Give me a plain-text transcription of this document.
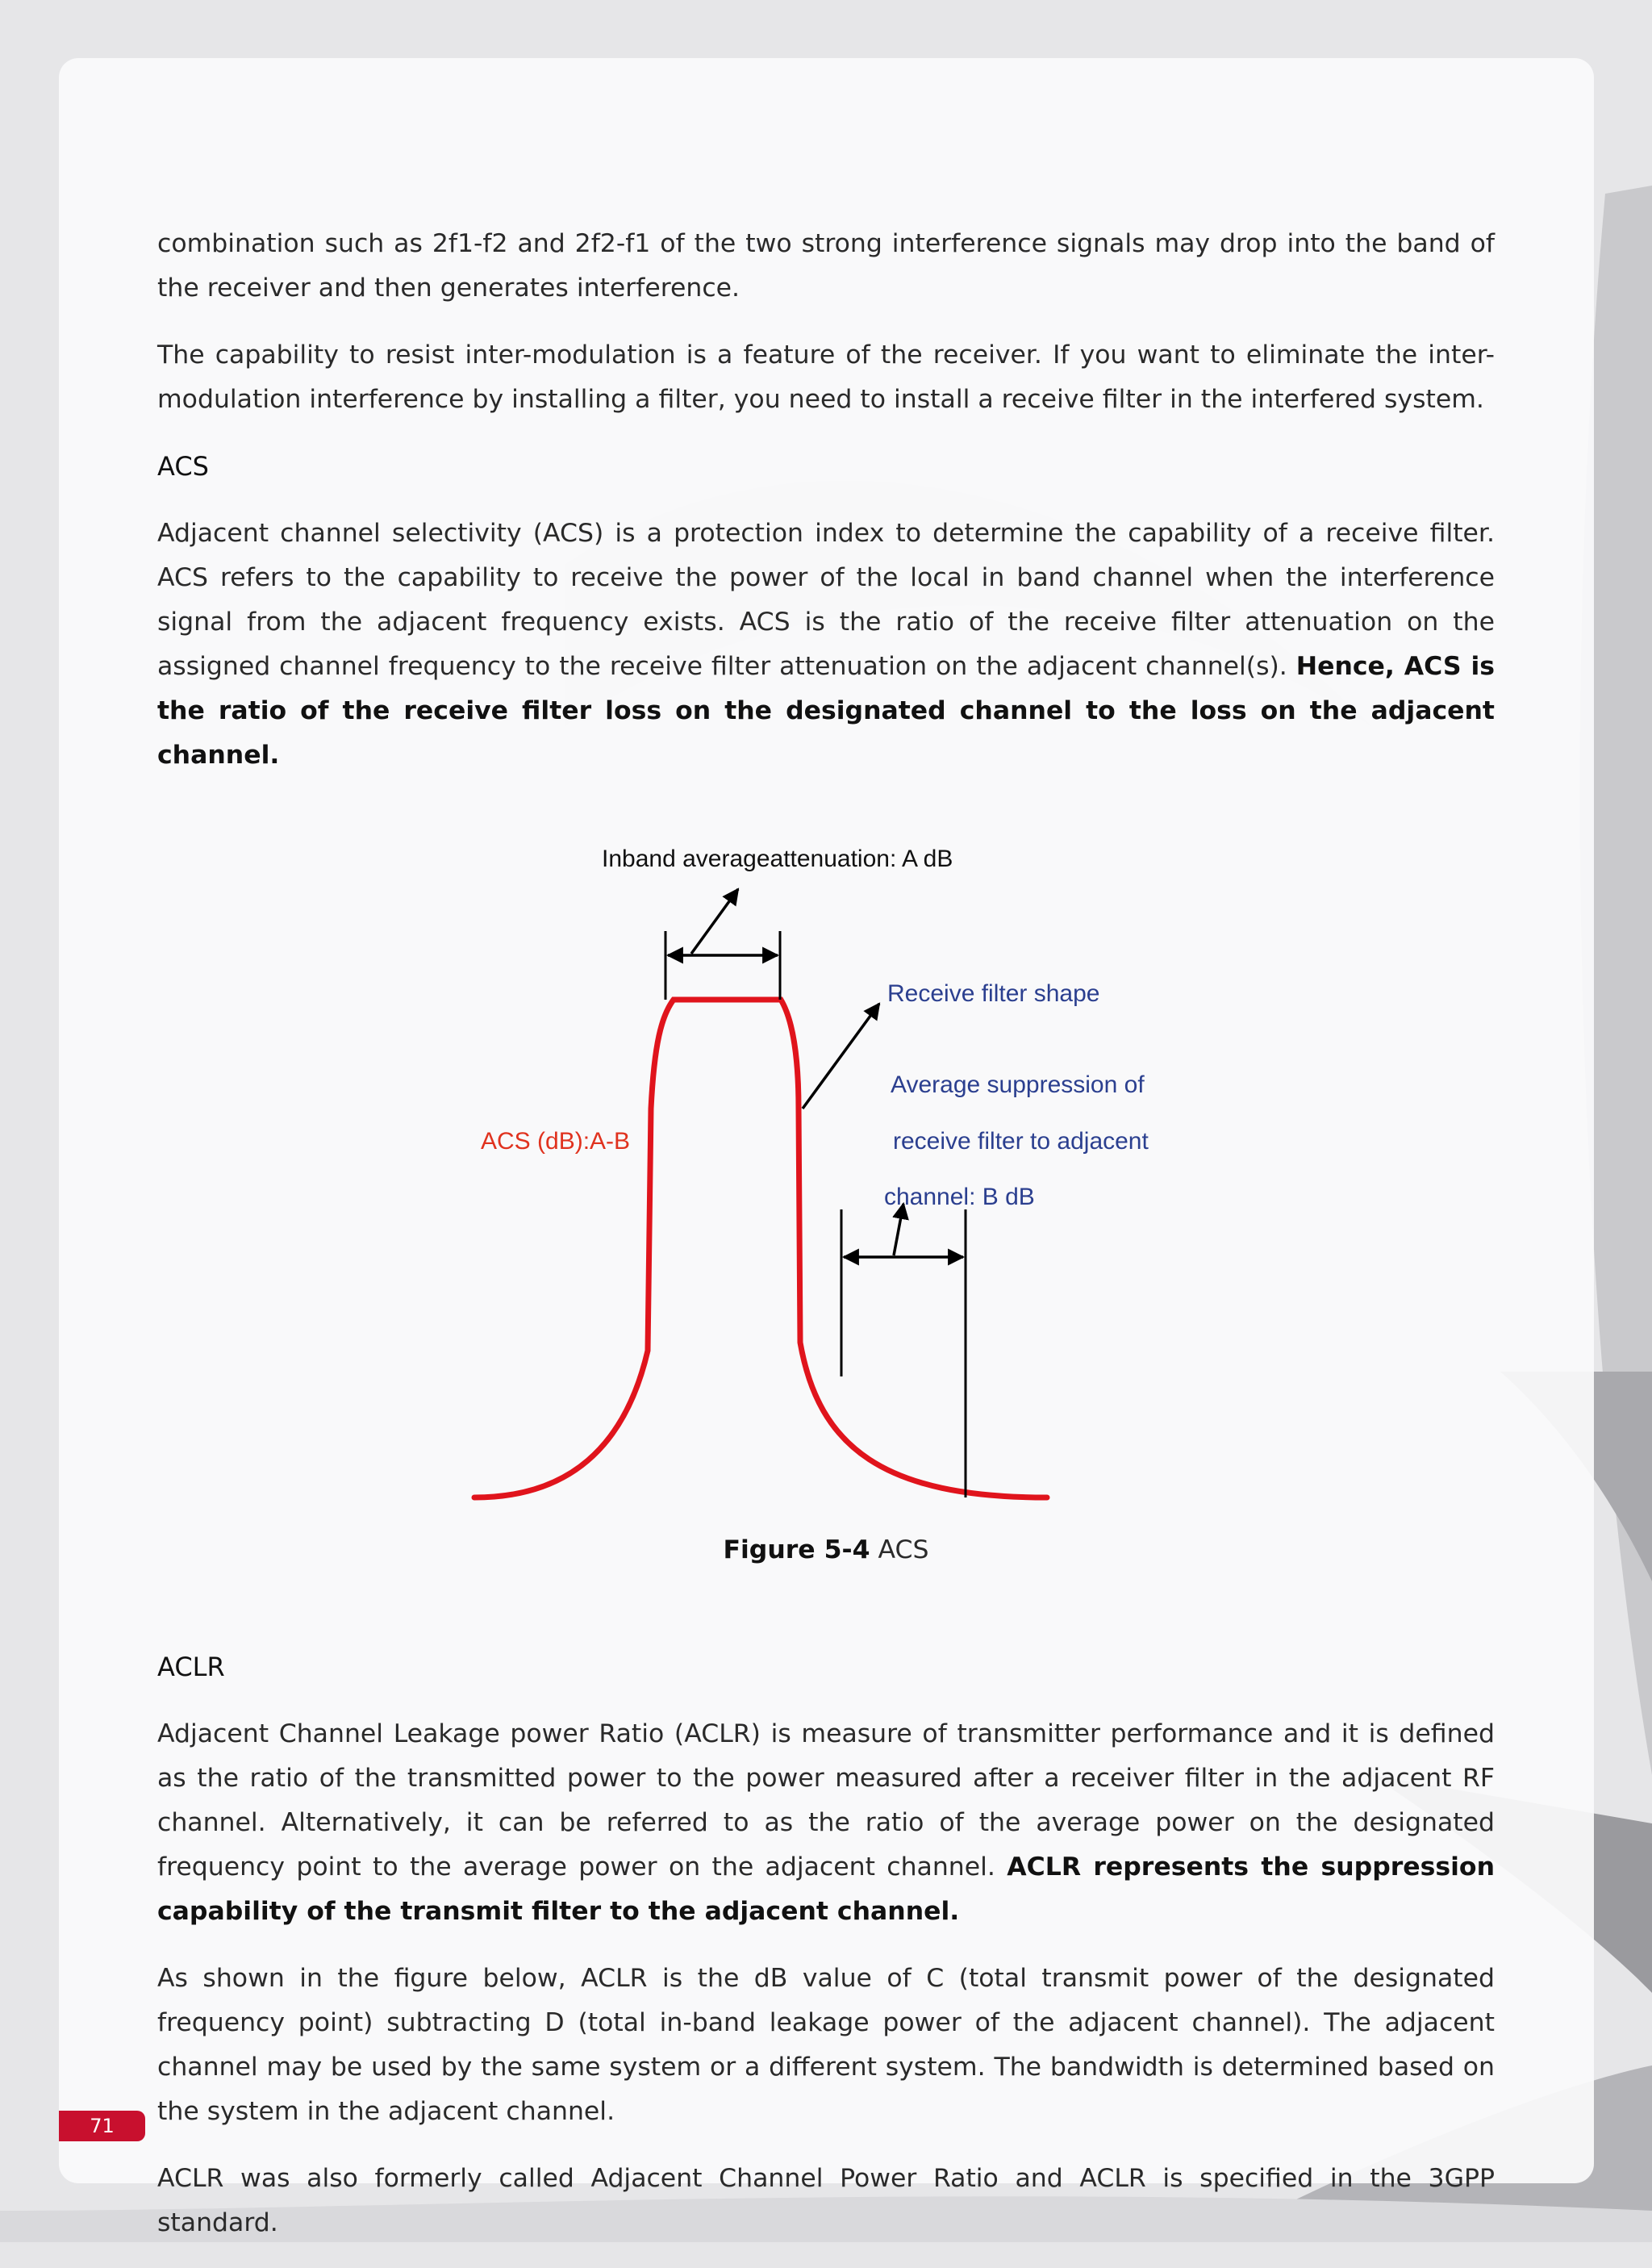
combination such as 2f1-f2 and 2f2-f1 of the two strong interference signals may drop into the band of the receiver and then generates interference.

The capability to resist inter-modulation is a feature of the receiver. If you want to eliminate the inter-modulation interference by installing a filter, you need to install a receive filter in the interfered system.

ACS

Adjacent channel selectivity (ACS) is a protection index to determine the capability of a receive filter. ACS refers to the capability to receive the power of the local in band channel when the interference signal from the adjacent frequency exists. ACS is the ratio of the receive filter attenuation on the assigned channel frequency to the receive filter attenuation on the adjacent channel(s). Hence, ACS is the ratio of the receive filter loss on the designated channel to the loss on the adjacent channel.

Inband averageattenuation: A dB
Receive filter shape
Average suppression of
receive filter to adjacent
channel: B dB
ACS (dB):A-B
Figure 5-4 ACS
ACLR

Adjacent Channel Leakage power Ratio (ACLR) is measure of transmitter performance and it is defined as the ratio of the transmitted power to the power measured after a receiver filter in the adjacent RF channel. Alternatively, it can be referred to as the ratio of the average power on the designated frequency point to the average power on the adjacent channel. ACLR represents the suppression capability of the transmit filter to the adjacent channel.

As shown in the figure below, ACLR is the dB value of C (total transmit power of the designated frequency point) subtracting D (total in-band leakage power of the adjacent channel). The adjacent channel may be used by the same system or a different system. The bandwidth is determined based on the system in the adjacent channel.

ACLR was also formerly called Adjacent Channel Power Ratio and ACLR is specified in the 3GPP standard.

71
